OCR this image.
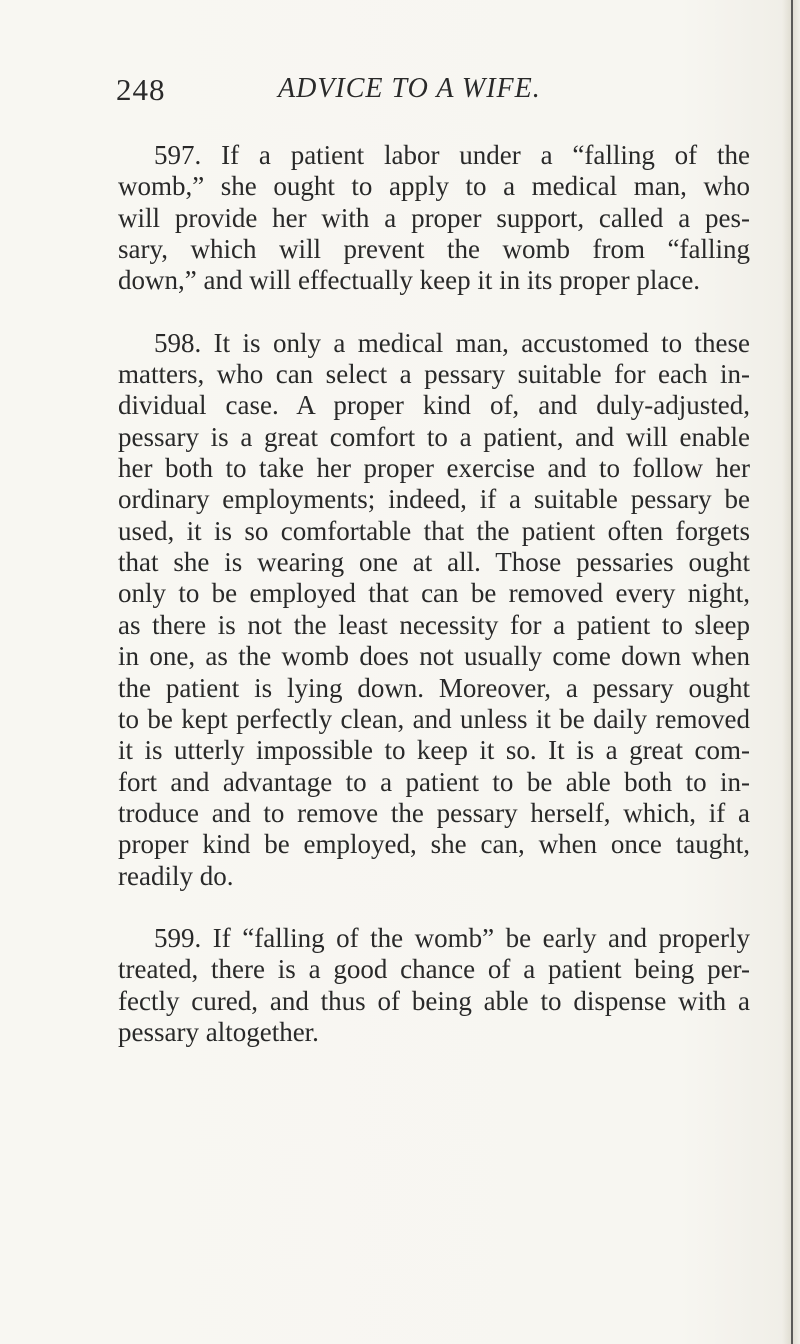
248	ADVICE TO A WIFE.
597. If a patient labor under a “falling of the
womb,” she ought to apply to a medical man, who
will provide her with a proper support, called a pes-
sary, which will prevent the womb from “falling
down,” and will effectually keep it in its proper place.
598. It is only a medical man, accustomed to these
matters, who can select a pessary suitable for each in-
dividual case. A proper kind of, and duly-adjusted,
pessary is a great comfort to a patient, and will enable
her both to take her proper exercise and to follow her
ordinary employments; indeed, if a suitable pessary be
used, it is so comfortable that the patient often forgets
that she is wearing one at all. Those pessaries ought
only to be employed that can be removed every night,
as there is not the least necessity for a patient to sleep
in one, as the womb does not usually come down when
the patient is lying down. Moreover, a pessary ought
to be kept perfectly clean, and unless it be daily removed
it is utterly impossible to keep it so. It is a great com-
fort and advantage to a patient to be able both to in-
troduce and to remove the pessary herself, which, if a
proper kind be employed, she can, when once taught,
readily do.
599. If “falling of the womb” be early and properly
treated, there is a good chance of a patient being per-
fectly cured, and thus of being able to dispense with a
pessary altogether.
